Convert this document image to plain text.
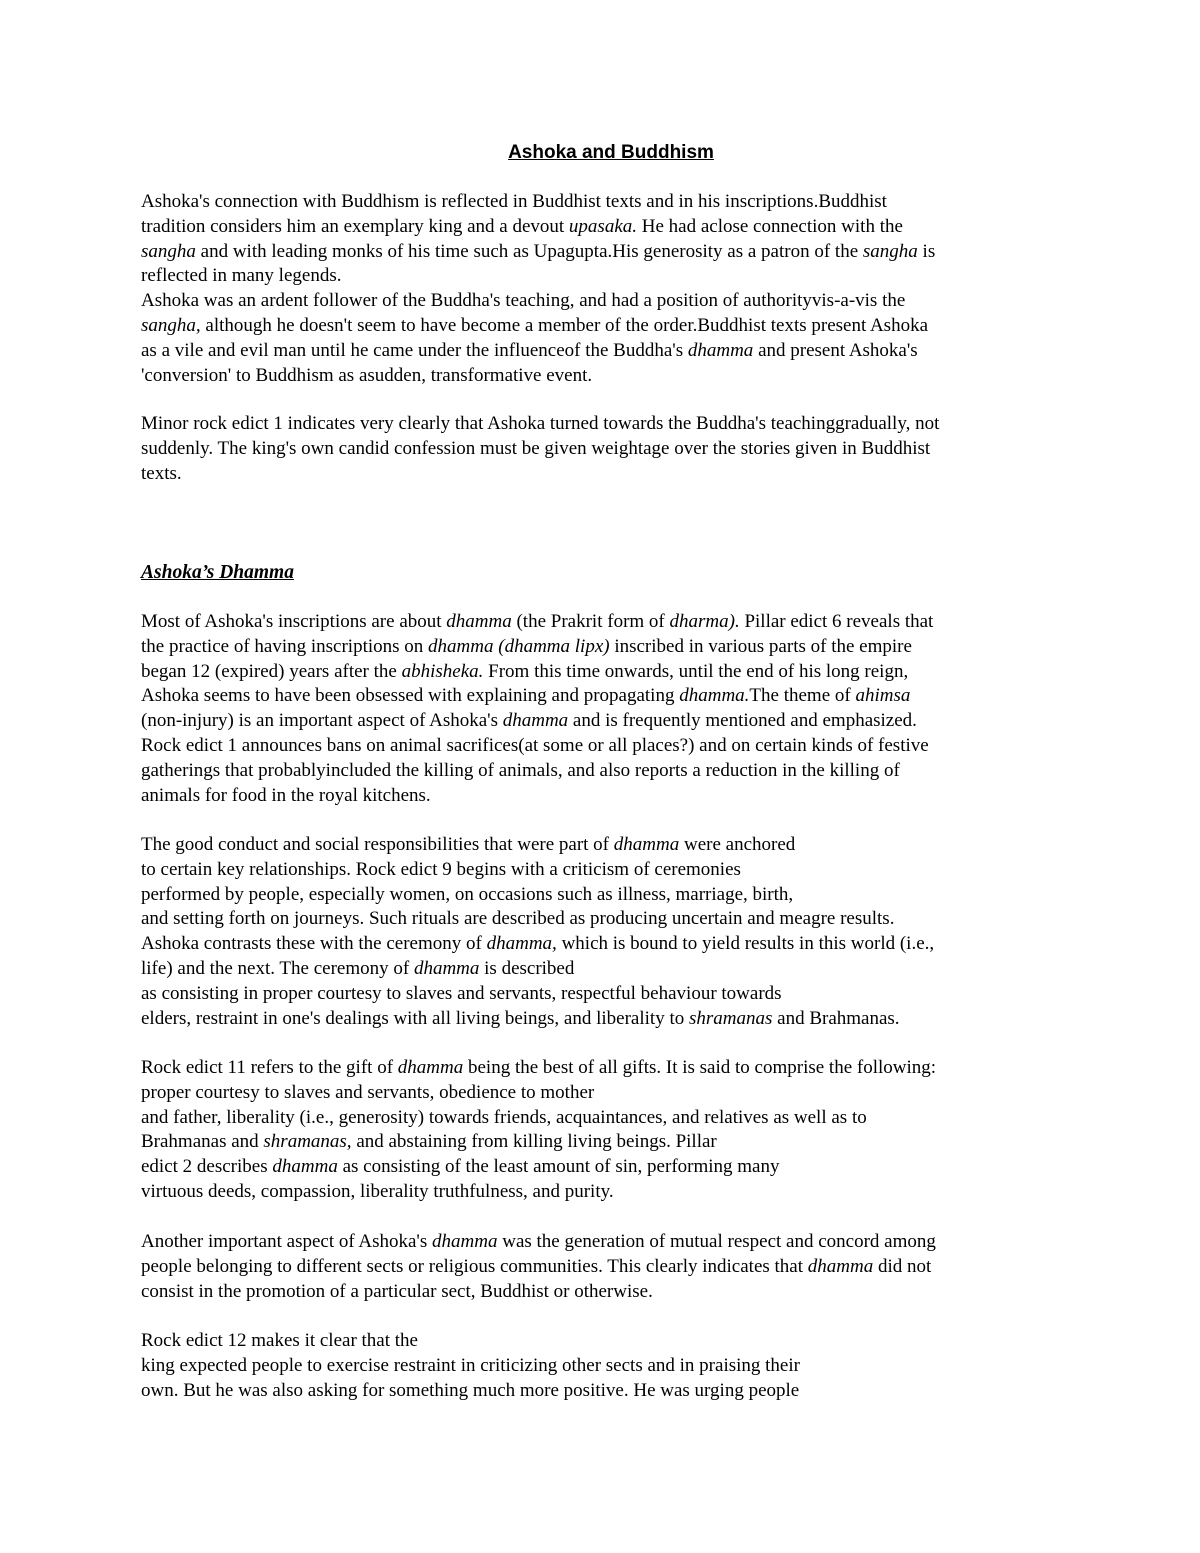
Ashoka and Buddhism
Ashoka’s Dhamma
Ashoka's connection with Buddhism is reflected in Buddhist texts and in his inscriptions.Buddhist
tradition considers him an exemplary king and a devout upasaka. He had aclose connection with the
sangha and with leading monks of his time such as Upagupta.His generosity as a patron of the sangha is
reflected in many legends.
Ashoka was an ardent follower of the Buddha's teaching, and had a position of authorityvis-a-vis the
sangha, although he doesn't seem to have become a member of the order.Buddhist texts present Ashoka
as a vile and evil man until he came under the influenceof the Buddha's dhamma and present Ashoka's
'conversion' to Buddhism as asudden, transformative event.
Minor rock edict 1 indicates very clearly that Ashoka turned towards the Buddha's teachinggradually, not
suddenly. The king's own candid confession must be given weightage over the stories given in Buddhist
texts.
Most of Ashoka's inscriptions are about dhamma (the Prakrit form of dharma). Pillar edict 6 reveals that
the practice of having inscriptions on dhamma (dhamma lipx) inscribed in various parts of the empire
began 12 (expired) years after the abhisheka. From this time onwards, until the end of his long reign,
Ashoka seems to have been obsessed with explaining and propagating dhamma.The theme of ahimsa
(non-injury) is an important aspect of Ashoka's dhamma and is frequently mentioned and emphasized.
Rock edict 1 announces bans on animal sacrifices(at some or all places?) and on certain kinds of festive
gatherings that probablyincluded the killing of animals, and also reports a reduction in the killing of
animals for food in the royal kitchens.
The good conduct and social responsibilities that were part of dhamma were anchored
to certain key relationships. Rock edict 9 begins with a criticism of ceremonies
performed by people, especially women, on occasions such as illness, marriage, birth,
and setting forth on journeys. Such rituals are described as producing uncertain and meagre results.
Ashoka contrasts these with the ceremony of dhamma, which is bound to yield results in this world (i.e.,
life) and the next. The ceremony of dhamma is described
as consisting in proper courtesy to slaves and servants, respectful behaviour towards
elders, restraint in one's dealings with all living beings, and liberality to shramanas and Brahmanas.
Rock edict 11 refers to the gift of dhamma being the best of all gifts. It is said to comprise the following:
proper courtesy to slaves and servants, obedience to mother
and father, liberality (i.e., generosity) towards friends, acquaintances, and relatives as well as to
Brahmanas and shramanas, and abstaining from killing living beings. Pillar
edict 2 describes dhamma as consisting of the least amount of sin, performing many
virtuous deeds, compassion, liberality truthfulness, and purity.
Another important aspect of Ashoka's dhamma was the generation of mutual respect and concord among
people belonging to different sects or religious communities. This clearly indicates that dhamma did not
consist in the promotion of a particular sect, Buddhist or otherwise.
Rock edict 12 makes it clear that the
king expected people to exercise restraint in criticizing other sects and in praising their
own. But he was also asking for something much more positive. He was urging people
